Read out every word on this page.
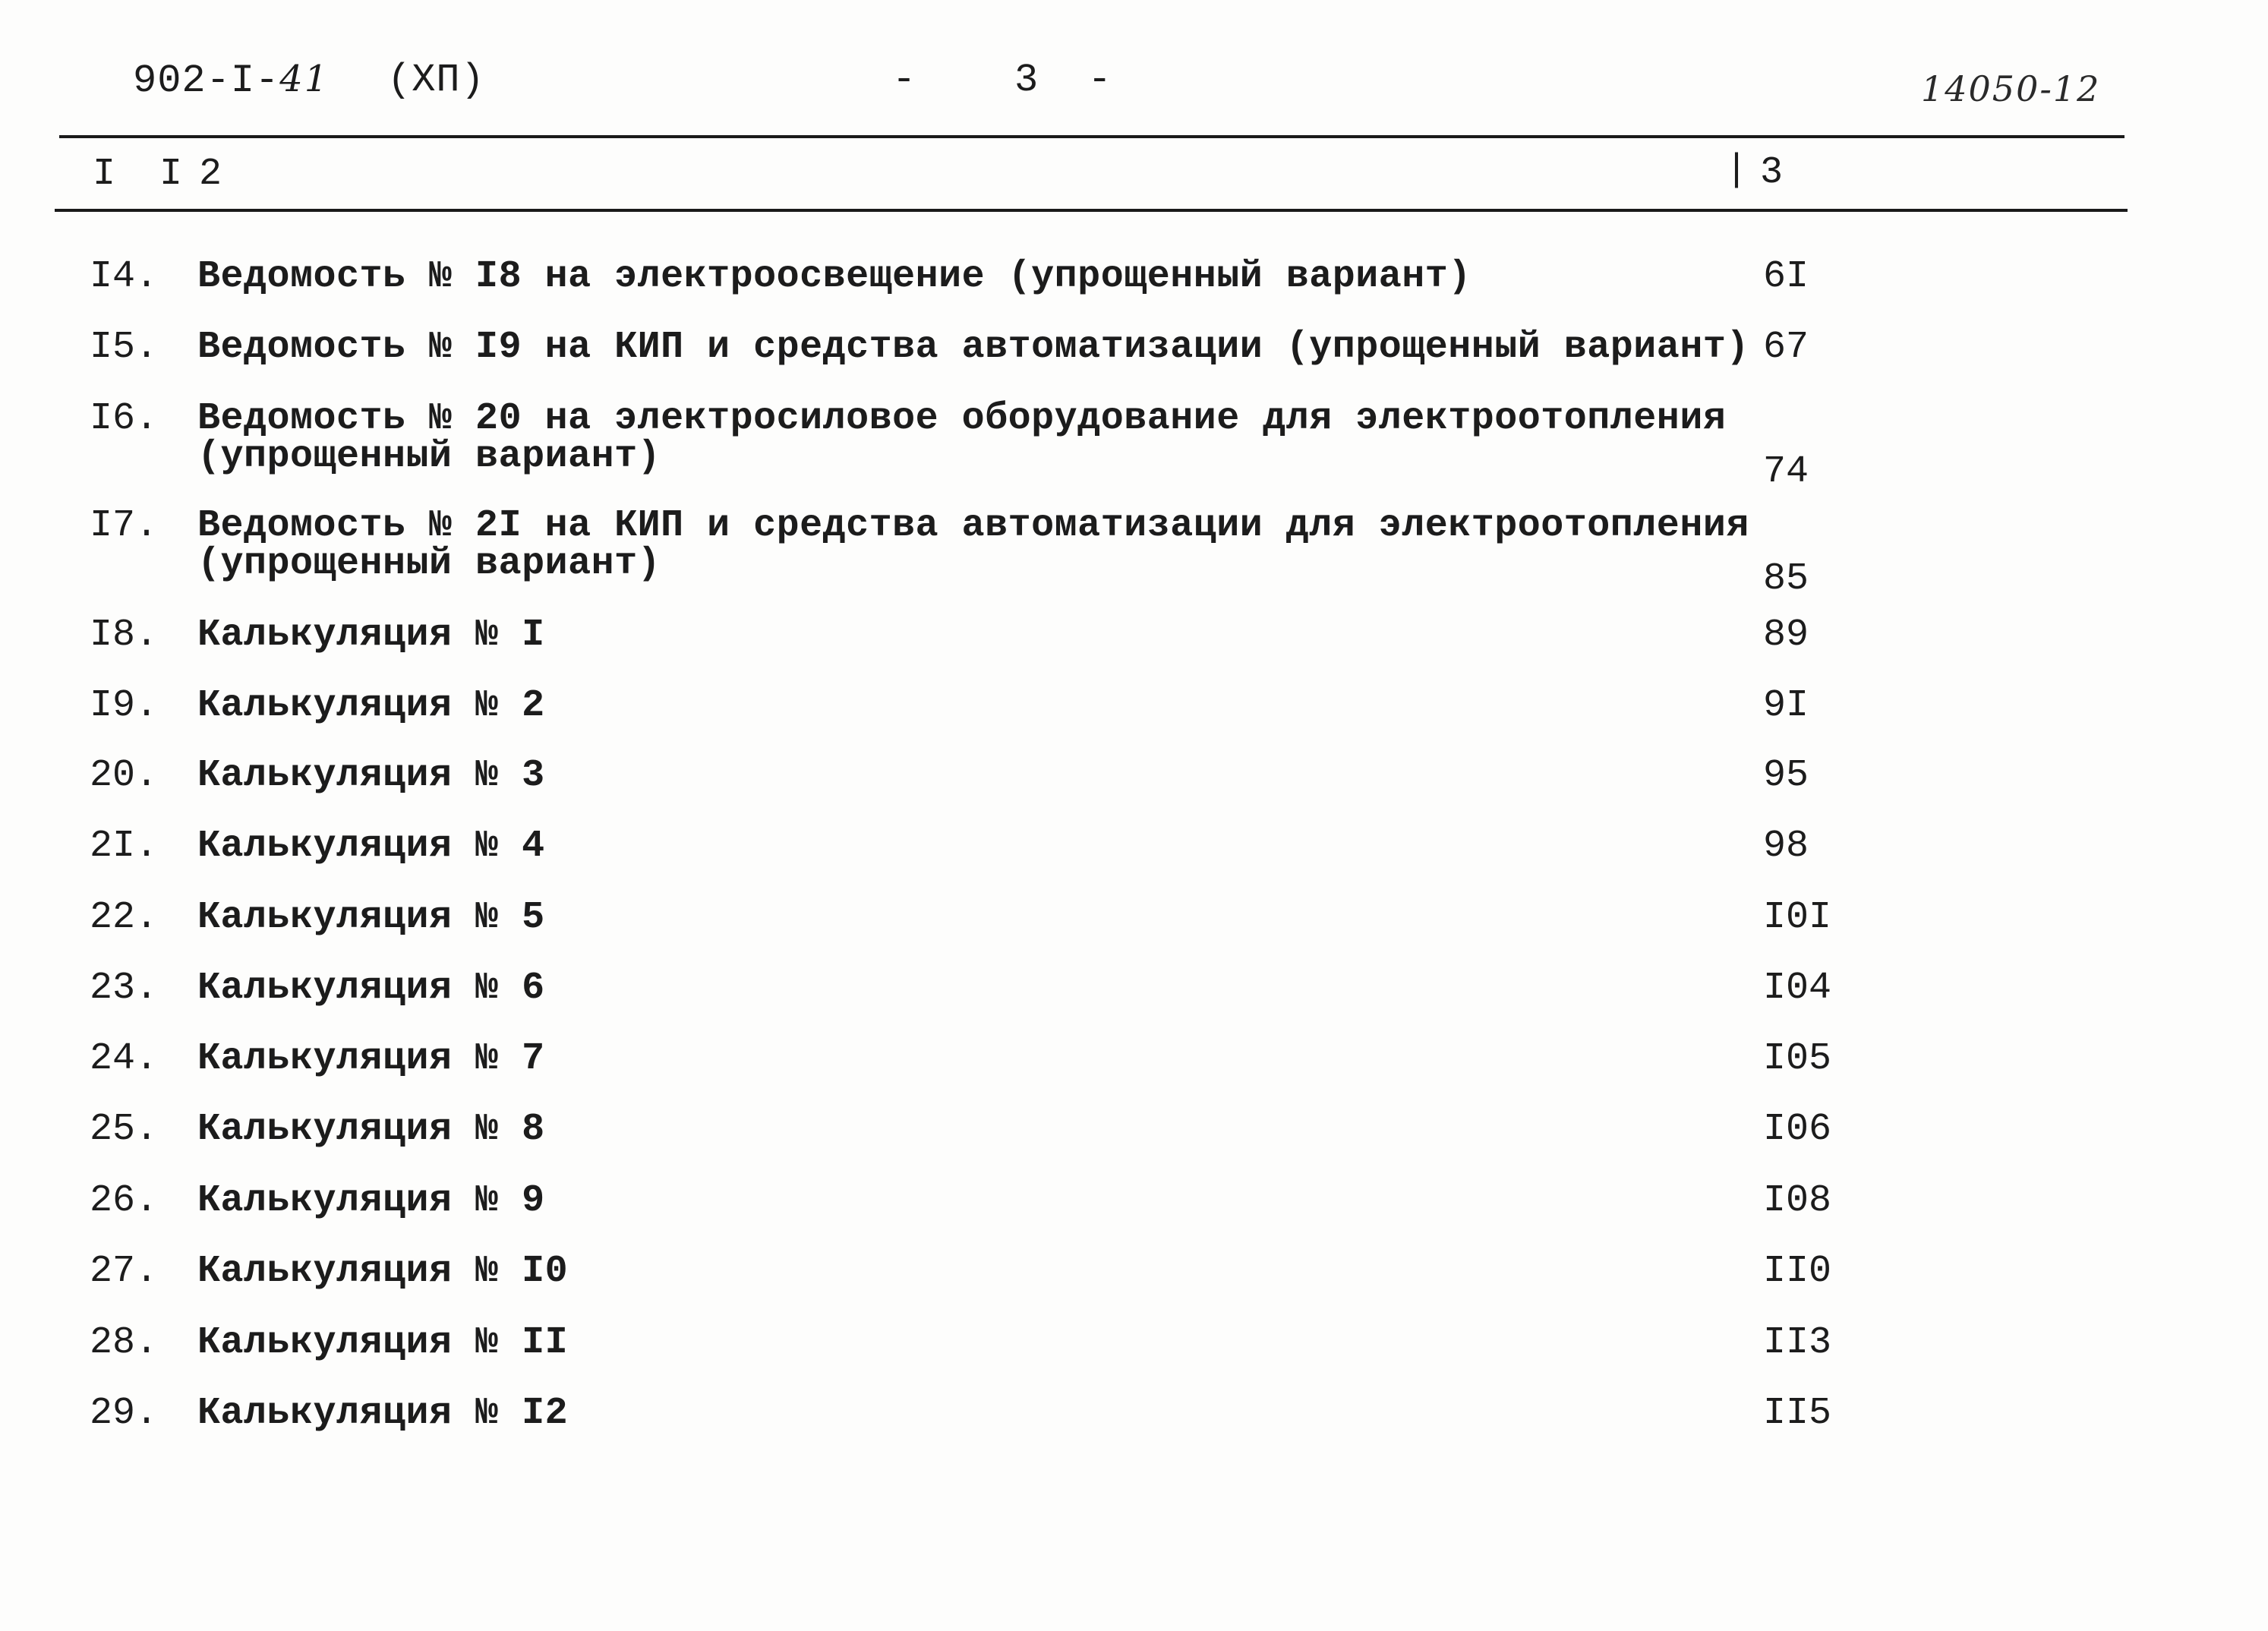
902-I-41 (XП)	-    3  -	14050-12
I I 2	| 3
I4.	Ведомость № I8 на электроосвещение (упрощенный вариант)	6I
I5.	Ведомость № I9 на КИП и средства автоматизации (упрощенный вариант) 67
I6.	Ведомость № 20 на электросиловое оборудование для электроотопления
(упрощенный вариант)	74
I7.	Ведомость № 2I на КИП и средства автоматизации для электроотопления
(упрощенный вариант)	85
I8.	Калькуляция № I	89
I9.	Калькуляция № 2	9I
20.	Калькуляция № 3	95
2I.	Калькуляция № 4	98
22.	Калькуляция № 5	I0I
23.	Калькуляция № 6	I04
24.	Калькуляция № 7	I05
25.	Калькуляция № 8	I06
26.	Калькуляция № 9	I08
27.	Калькуляция № I0	II0
28.	Калькуляция № II	II3
29.	Калькуляция № I2	II5
